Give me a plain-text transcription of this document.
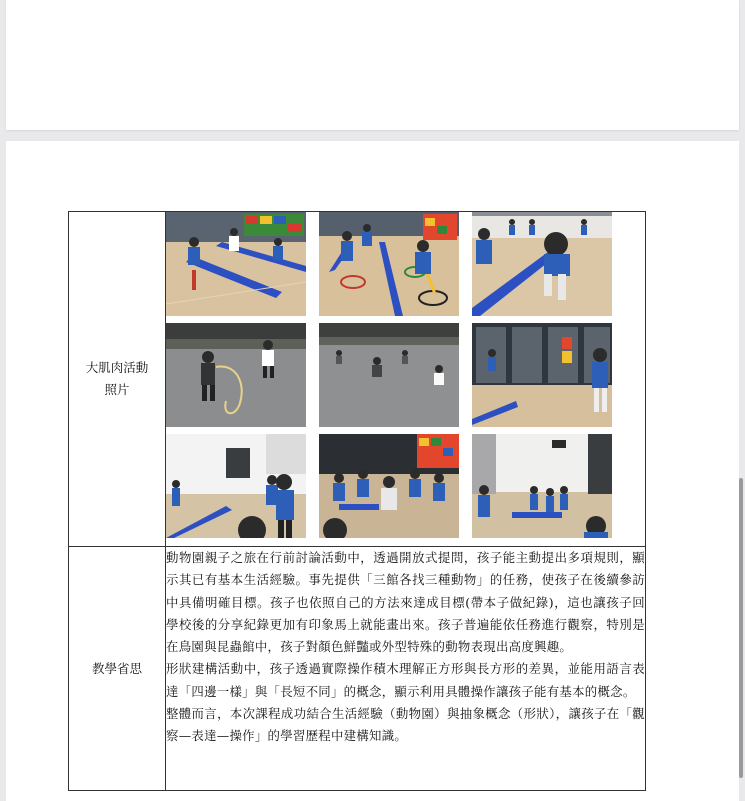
大肌肉活動
照片	

教學省思	動物園親子之旅在行前討論活動中，透過開放式提問，孩子能主動提出多項規則，顯示其已有基本生活經驗。事先提供「三館各找三種動物」的任務，使孩子在後續參訪中具備明確目標。孩子也依照自己的方法來達成目標(帶本子做紀錄)，這也讓孩子回學校後的分享紀錄更加有印象馬上就能畫出來。孩子普遍能依任務進行觀察，特別是在鳥園與昆蟲館中，孩子對顏色鮮豔或外型特殊的動物表現出高度興趣。

形狀建構活動中，孩子透過實際操作積木理解正方形與長方形的差異，並能用語言表達「四邊一樣」與「長短不同」的概念，顯示利用具體操作讓孩子能有基本的概念。

整體而言，本次課程成功結合生活經驗（動物園）與抽象概念（形狀），讓孩子在「觀察—表達—操作」的學習歷程中建構知識。
